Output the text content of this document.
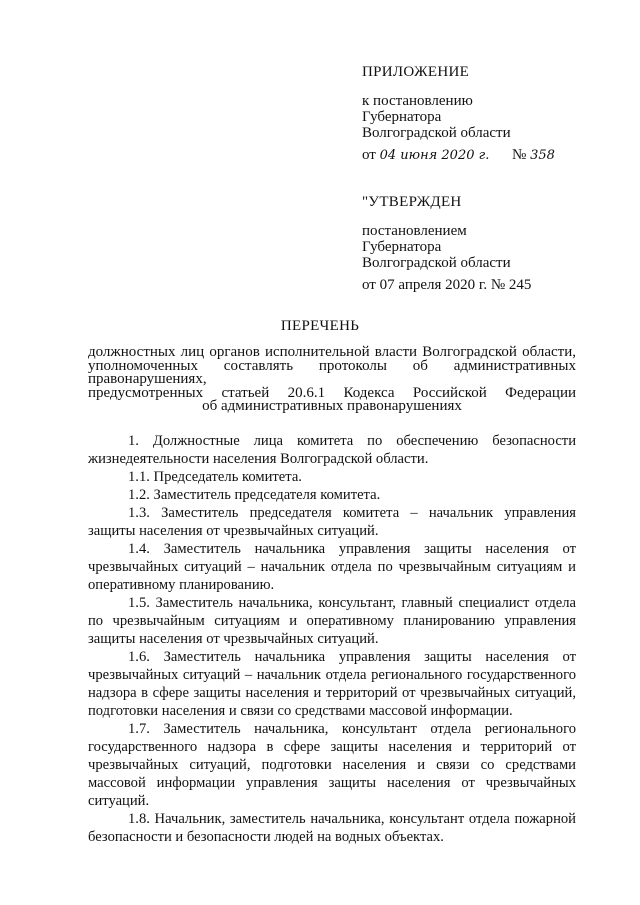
ПРИЛОЖЕНИЕ
к постановлению
Губернатора
Волгоградской области
от 04 июня 2020 г. № 358
"УТВЕРЖДЕН
постановлением
Губернатора
Волгоградской области
от 07 апреля 2020 г. № 245
ПЕРЕЧЕНЬ
должностных лиц органов исполнительной власти Волгоградской области,
уполномоченных составлять протоколы об административных правонарушениях,
предусмотренных статьей 20.6.1 Кодекса Российской Федерации
об административных правонарушениях

1. Должностные лица комитета по обеспечению безопасности жизнедеятельности населения Волгоградской области.

1.1. Председатель комитета.

1.2. Заместитель председателя комитета.

1.3. Заместитель председателя комитета – начальник управления защиты населения от чрезвычайных ситуаций.

1.4. Заместитель начальника управления защиты населения от чрезвычайных ситуаций – начальник отдела по чрезвычайным ситуациям и оперативному планированию.

1.5. Заместитель начальника, консультант, главный специалист отдела по чрезвычайным ситуациям и оперативному планированию управления защиты населения от чрезвычайных ситуаций.

1.6. Заместитель начальника управления защиты населения от чрезвычайных ситуаций – начальник отдела регионального государственного надзора в сфере защиты населения и территорий от чрезвычайных ситуаций, подготовки населения и связи со средствами массовой информации.

1.7. Заместитель начальника, консультант отдела регионального государственного надзора в сфере защиты населения и территорий от чрезвычайных ситуаций, подготовки населения и связи со средствами массовой информации управления защиты населения от чрезвычайных ситуаций.

1.8. Начальник, заместитель начальника, консультант отдела пожарной безопасности и безопасности людей на водных объектах.
